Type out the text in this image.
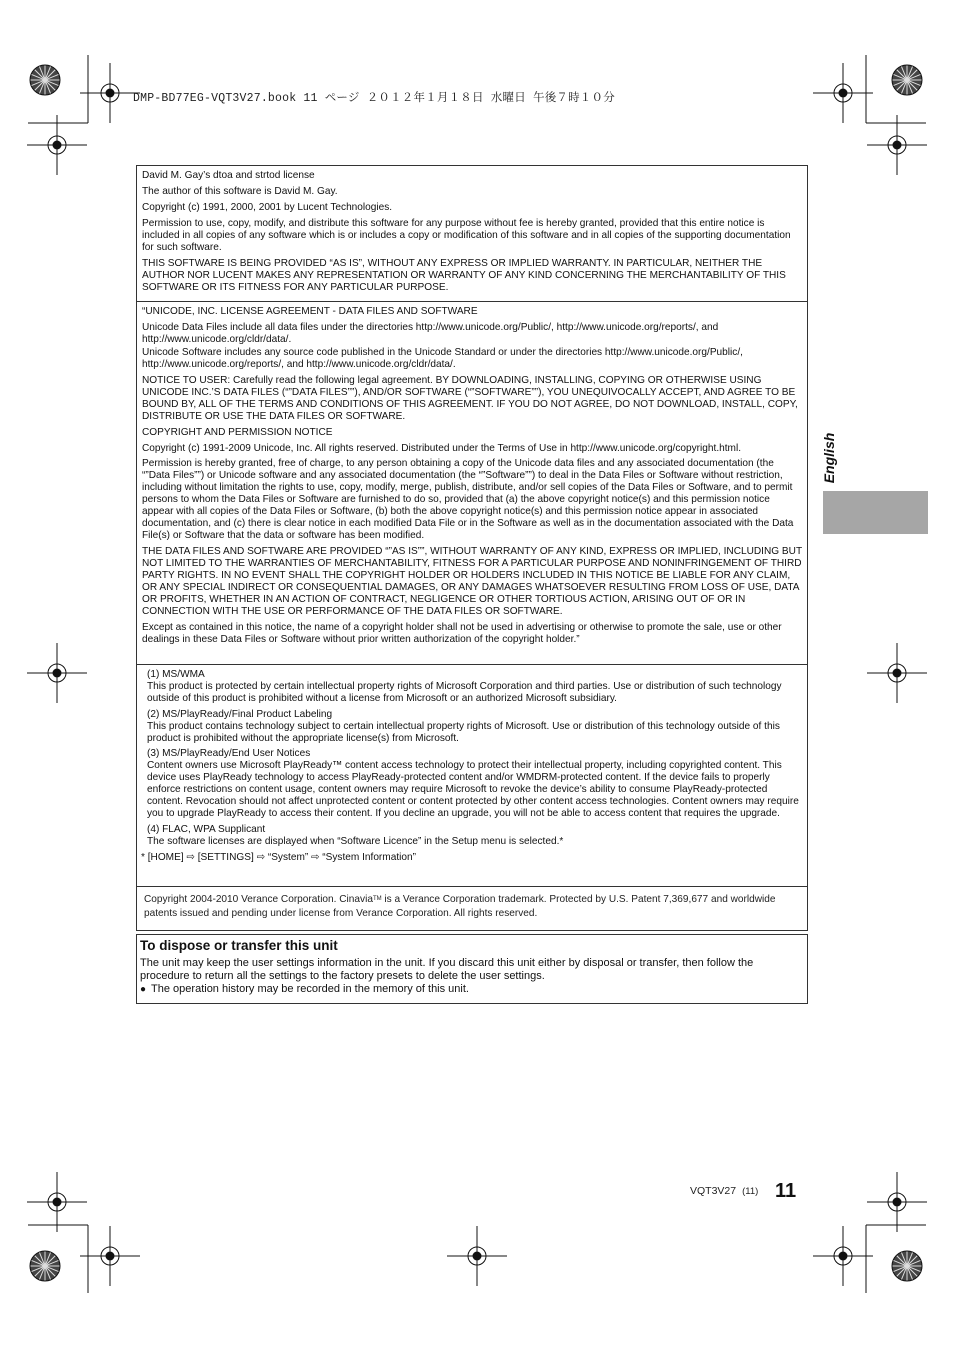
DMP-BD77EG-VQT3V27.book 11 ページ ２０１２年１月１８日 水曜日 午後７時１０分

David M. Gay’s dtoa and strtod license

The author of this software is David M. Gay.

Copyright (c) 1991, 2000, 2001 by Lucent Technologies.

Permission to use, copy, modify, and distribute this software for any purpose without fee is hereby granted, provided that this entire notice is included in all copies of any software which is or includes a copy or modification of this software and in all copies of the supporting documentation for such software.

THIS SOFTWARE IS BEING PROVIDED “AS IS”, WITHOUT ANY EXPRESS OR IMPLIED WARRANTY. IN PARTICULAR, NEITHER THE AUTHOR NOR LUCENT MAKES ANY REPRESENTATION OR WARRANTY OF ANY KIND CONCERNING THE MERCHANTABILITY OF THIS SOFTWARE OR ITS FITNESS FOR ANY PARTICULAR PURPOSE.

“UNICODE, INC. LICENSE AGREEMENT - DATA FILES AND SOFTWARE

Unicode Data Files include all data files under the directories http://www.unicode.org/Public/, http://www.unicode.org/reports/, and http://www.unicode.org/cldr/data/.

Unicode Software includes any source code published in the Unicode Standard or under the directories http://www.unicode.org/Public/, http://www.unicode.org/reports/, and http://www.unicode.org/cldr/data/.

NOTICE TO USER: Carefully read the following legal agreement. BY DOWNLOADING, INSTALLING, COPYING OR OTHERWISE USING UNICODE INC.’S DATA FILES (“”DATA FILES””), AND/OR SOFTWARE (“”SOFTWARE””), YOU UNEQUIVOCALLY ACCEPT, AND AGREE TO BE BOUND BY, ALL OF THE TERMS AND CONDITIONS OF THIS AGREEMENT. IF YOU DO NOT AGREE, DO NOT DOWNLOAD, INSTALL, COPY, DISTRIBUTE OR USE THE DATA FILES OR SOFTWARE.

COPYRIGHT AND PERMISSION NOTICE

Copyright (c) 1991-2009 Unicode, Inc. All rights reserved. Distributed under the Terms of Use in http://www.unicode.org/copyright.html.

Permission is hereby granted, free of charge, to any person obtaining a copy of the Unicode data files and any associated documentation (the “”Data Files””) or Unicode software and any associated documentation (the “”Software””) to deal in the Data Files or Software without restriction, including without limitation the rights to use, copy, modify, merge, publish, distribute, and/or sell copies of the Data Files or Software, and to permit persons to whom the Data Files or Software are furnished to do so, provided that (a) the above copyright notice(s) and this permission notice appear with all copies of the Data Files or Software, (b) both the above copyright notice(s) and this permission notice appear in associated documentation, and (c) there is clear notice in each modified Data File or in the Software as well as in the documentation associated with the Data File(s) or Software that the data or software has been modified.

THE DATA FILES AND SOFTWARE ARE PROVIDED “”AS IS””, WITHOUT WARRANTY OF ANY KIND, EXPRESS OR IMPLIED, INCLUDING BUT NOT LIMITED TO THE WARRANTIES OF MERCHANTABILITY, FITNESS FOR A PARTICULAR PURPOSE AND NONINFRINGEMENT OF THIRD PARTY RIGHTS. IN NO EVENT SHALL THE COPYRIGHT HOLDER OR HOLDERS INCLUDED IN THIS NOTICE BE LIABLE FOR ANY CLAIM, OR ANY SPECIAL INDIRECT OR CONSEQUENTIAL DAMAGES, OR ANY DAMAGES WHATSOEVER RESULTING FROM LOSS OF USE, DATA OR PROFITS, WHETHER IN AN ACTION OF CONTRACT, NEGLIGENCE OR OTHER TORTIOUS ACTION, ARISING OUT OF OR IN CONNECTION WITH THE USE OR PERFORMANCE OF THE DATA FILES OR SOFTWARE.

Except as contained in this notice, the name of a copyright holder shall not be used in advertising or otherwise to promote the sale, use or other dealings in these Data Files or Software without prior written authorization of the copyright holder.”

(1) MS/WMA

This product is protected by certain intellectual property rights of Microsoft Corporation and third parties. Use or distribution of such technology outside of this product is prohibited without a license from Microsoft or an authorized Microsoft subsidiary.

(2) MS/PlayReady/Final Product Labeling

This product contains technology subject to certain intellectual property rights of Microsoft. Use or distribution of this technology outside of this product is prohibited without the appropriate license(s) from Microsoft.

(3) MS/PlayReady/End User Notices

Content owners use Microsoft PlayReady™ content access technology to protect their intellectual property, including copyrighted content. This device uses PlayReady technology to access PlayReady-protected content and/or WMDRM-protected content. If the device fails to properly enforce restrictions on content usage, content owners may require Microsoft to revoke the device’s ability to consume PlayReady-protected content. Revocation should not affect unprotected content or content protected by other content access technologies. Content owners may require you to upgrade PlayReady to access their content. If you decline an upgrade, you will not be able to access content that requires the upgrade.

(4) FLAC, WPA Supplicant

The software licenses are displayed when “Software Licence” in the Setup menu is selected.*

* [HOME] ⇨ [SETTINGS] ⇨ “System” ⇨ “System Information”

Copyright 2004-2010 Verance Corporation. Cinavia™ is a Verance Corporation trademark. Protected by U.S. Patent 7,369,677 and worldwide patents issued and pending under license from Verance Corporation. All rights reserved.

To dispose or transfer this unit

The unit may keep the user settings information in the unit. If you discard this unit either by disposal or transfer, then follow the procedure to return all the settings to the factory presets to delete the user settings.

● The operation history may be recorded in the memory of this unit.

English
VQT3V27 (11) 11
